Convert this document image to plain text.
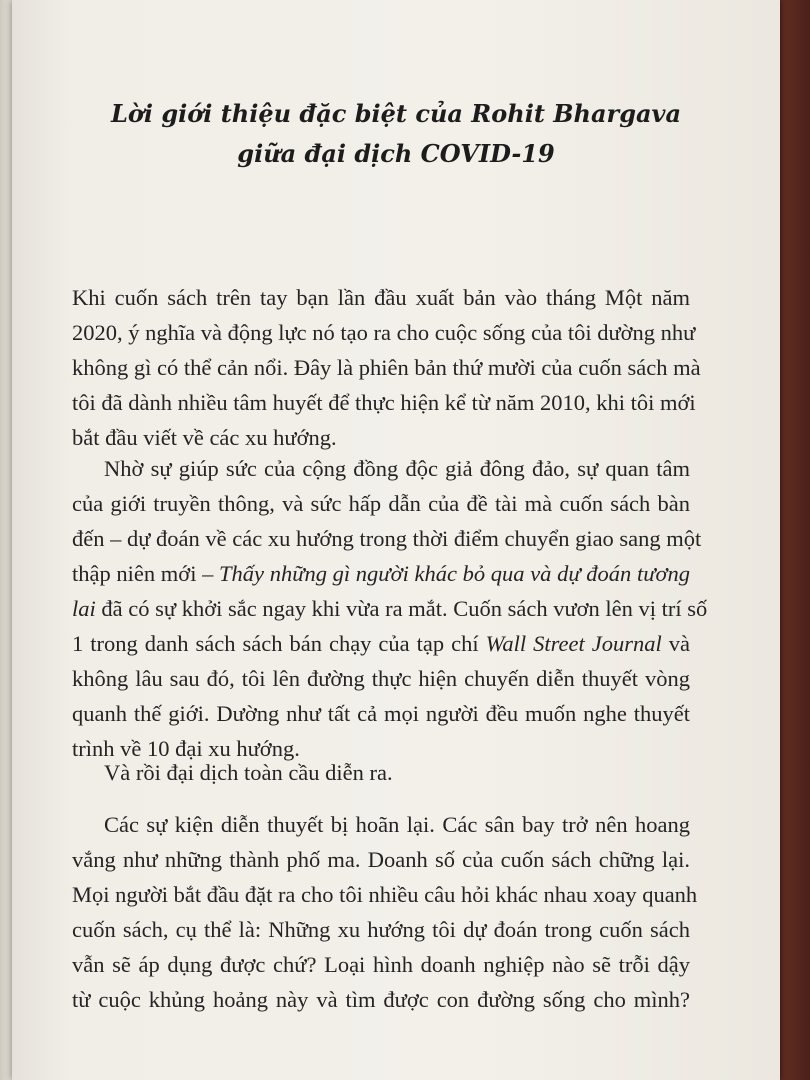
Lời giới thiệu đặc biệt của Rohit Bhargava
giữa đại dịch COVID-19

Khi cuốn sách trên tay bạn lần đầu xuất bản vào tháng Một năm
2020, ý nghĩa và động lực nó tạo ra cho cuộc sống của tôi dường như
không gì có thể cản nổi. Đây là phiên bản thứ mười của cuốn sách mà
tôi đã dành nhiều tâm huyết để thực hiện kể từ năm 2010, khi tôi mới
bắt đầu viết về các xu hướng.

Nhờ sự giúp sức của cộng đồng độc giả đông đảo, sự quan tâm
của giới truyền thông, và sức hấp dẫn của đề tài mà cuốn sách bàn
đến – dự đoán về các xu hướng trong thời điểm chuyển giao sang một
thập niên mới – Thấy những gì người khác bỏ qua và dự đoán tương
lai đã có sự khởi sắc ngay khi vừa ra mắt. Cuốn sách vươn lên vị trí số
1 trong danh sách sách bán chạy của tạp chí Wall Street Journal và
không lâu sau đó, tôi lên đường thực hiện chuyến diễn thuyết vòng
quanh thế giới. Dường như tất cả mọi người đều muốn nghe thuyết
trình về 10 đại xu hướng.

Và rồi đại dịch toàn cầu diễn ra.

Các sự kiện diễn thuyết bị hoãn lại. Các sân bay trở nên hoang
vắng như những thành phố ma. Doanh số của cuốn sách chững lại.
Mọi người bắt đầu đặt ra cho tôi nhiều câu hỏi khác nhau xoay quanh
cuốn sách, cụ thể là: Những xu hướng tôi dự đoán trong cuốn sách
vẫn sẽ áp dụng được chứ? Loại hình doanh nghiệp nào sẽ trỗi dậy
từ cuộc khủng hoảng này và tìm được con đường sống cho mình?
